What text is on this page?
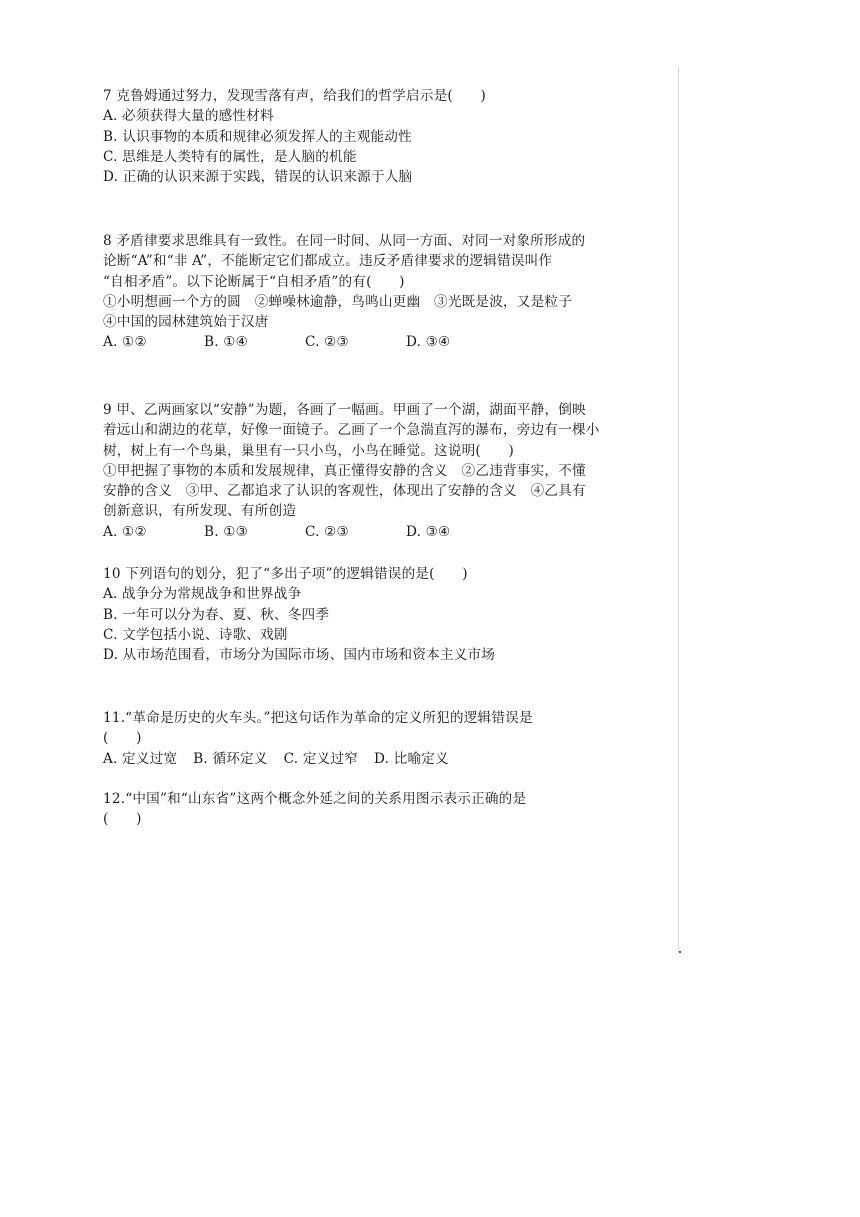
7 克鲁姆通过努力，发现雪落有声，给我们的哲学启示是(　　)
A. 必须获得大量的感性材料
B. 认识事物的本质和规律必须发挥人的主观能动性
C. 思维是人类特有的属性，是人脑的机能
D. 正确的认识来源于实践，错误的认识来源于人脑
8 矛盾律要求思维具有一致性。在同一时间、从同一方面、对同一对象所形成的
论断“A”和“非 A”，不能断定它们都成立。违反矛盾律要求的逻辑错误叫作
“自相矛盾”。以下论断属于“自相矛盾”的有(　　)
①小明想画一个方的圆　②蝉噪林逾静，鸟鸣山更幽　③光既是波，又是粒子
④中国的园林建筑始于汉唐
A. ①②	B. ①④	C. ②③	D. ③④
9 甲、乙两画家以“安静”为题，各画了一幅画。甲画了一个湖，湖面平静，倒映
着远山和湖边的花草，好像一面镜子。乙画了一个急湍直泻的瀑布，旁边有一棵小
树，树上有一个鸟巢，巢里有一只小鸟，小鸟在睡觉。这说明(　　)
①甲把握了事物的本质和发展规律，真正懂得安静的含义　②乙违背事实，不懂
安静的含义　③甲、乙都追求了认识的客观性，体现出了安静的含义　④乙具有
创新意识，有所发现、有所创造
A. ①②	B. ①③	C. ②③	D. ③④
10 下列语句的划分，犯了“多出子项”的逻辑错误的是(　　)
A. 战争分为常规战争和世界战争
B. 一年可以分为春、夏、秋、冬四季
C. 文学包括小说、诗歌、戏剧
D. 从市场范围看，市场分为国际市场、国内市场和资本主义市场
11.“革命是历史的火车头。”把这句话作为革命的定义所犯的逻辑错误是
(　　)
A. 定义过宽 B. 循环定义 C. 定义过窄 D. 比喻定义
12.“中国”和“山东省”这两个概念外延之间的关系用图示表示正确的是
(　　)
